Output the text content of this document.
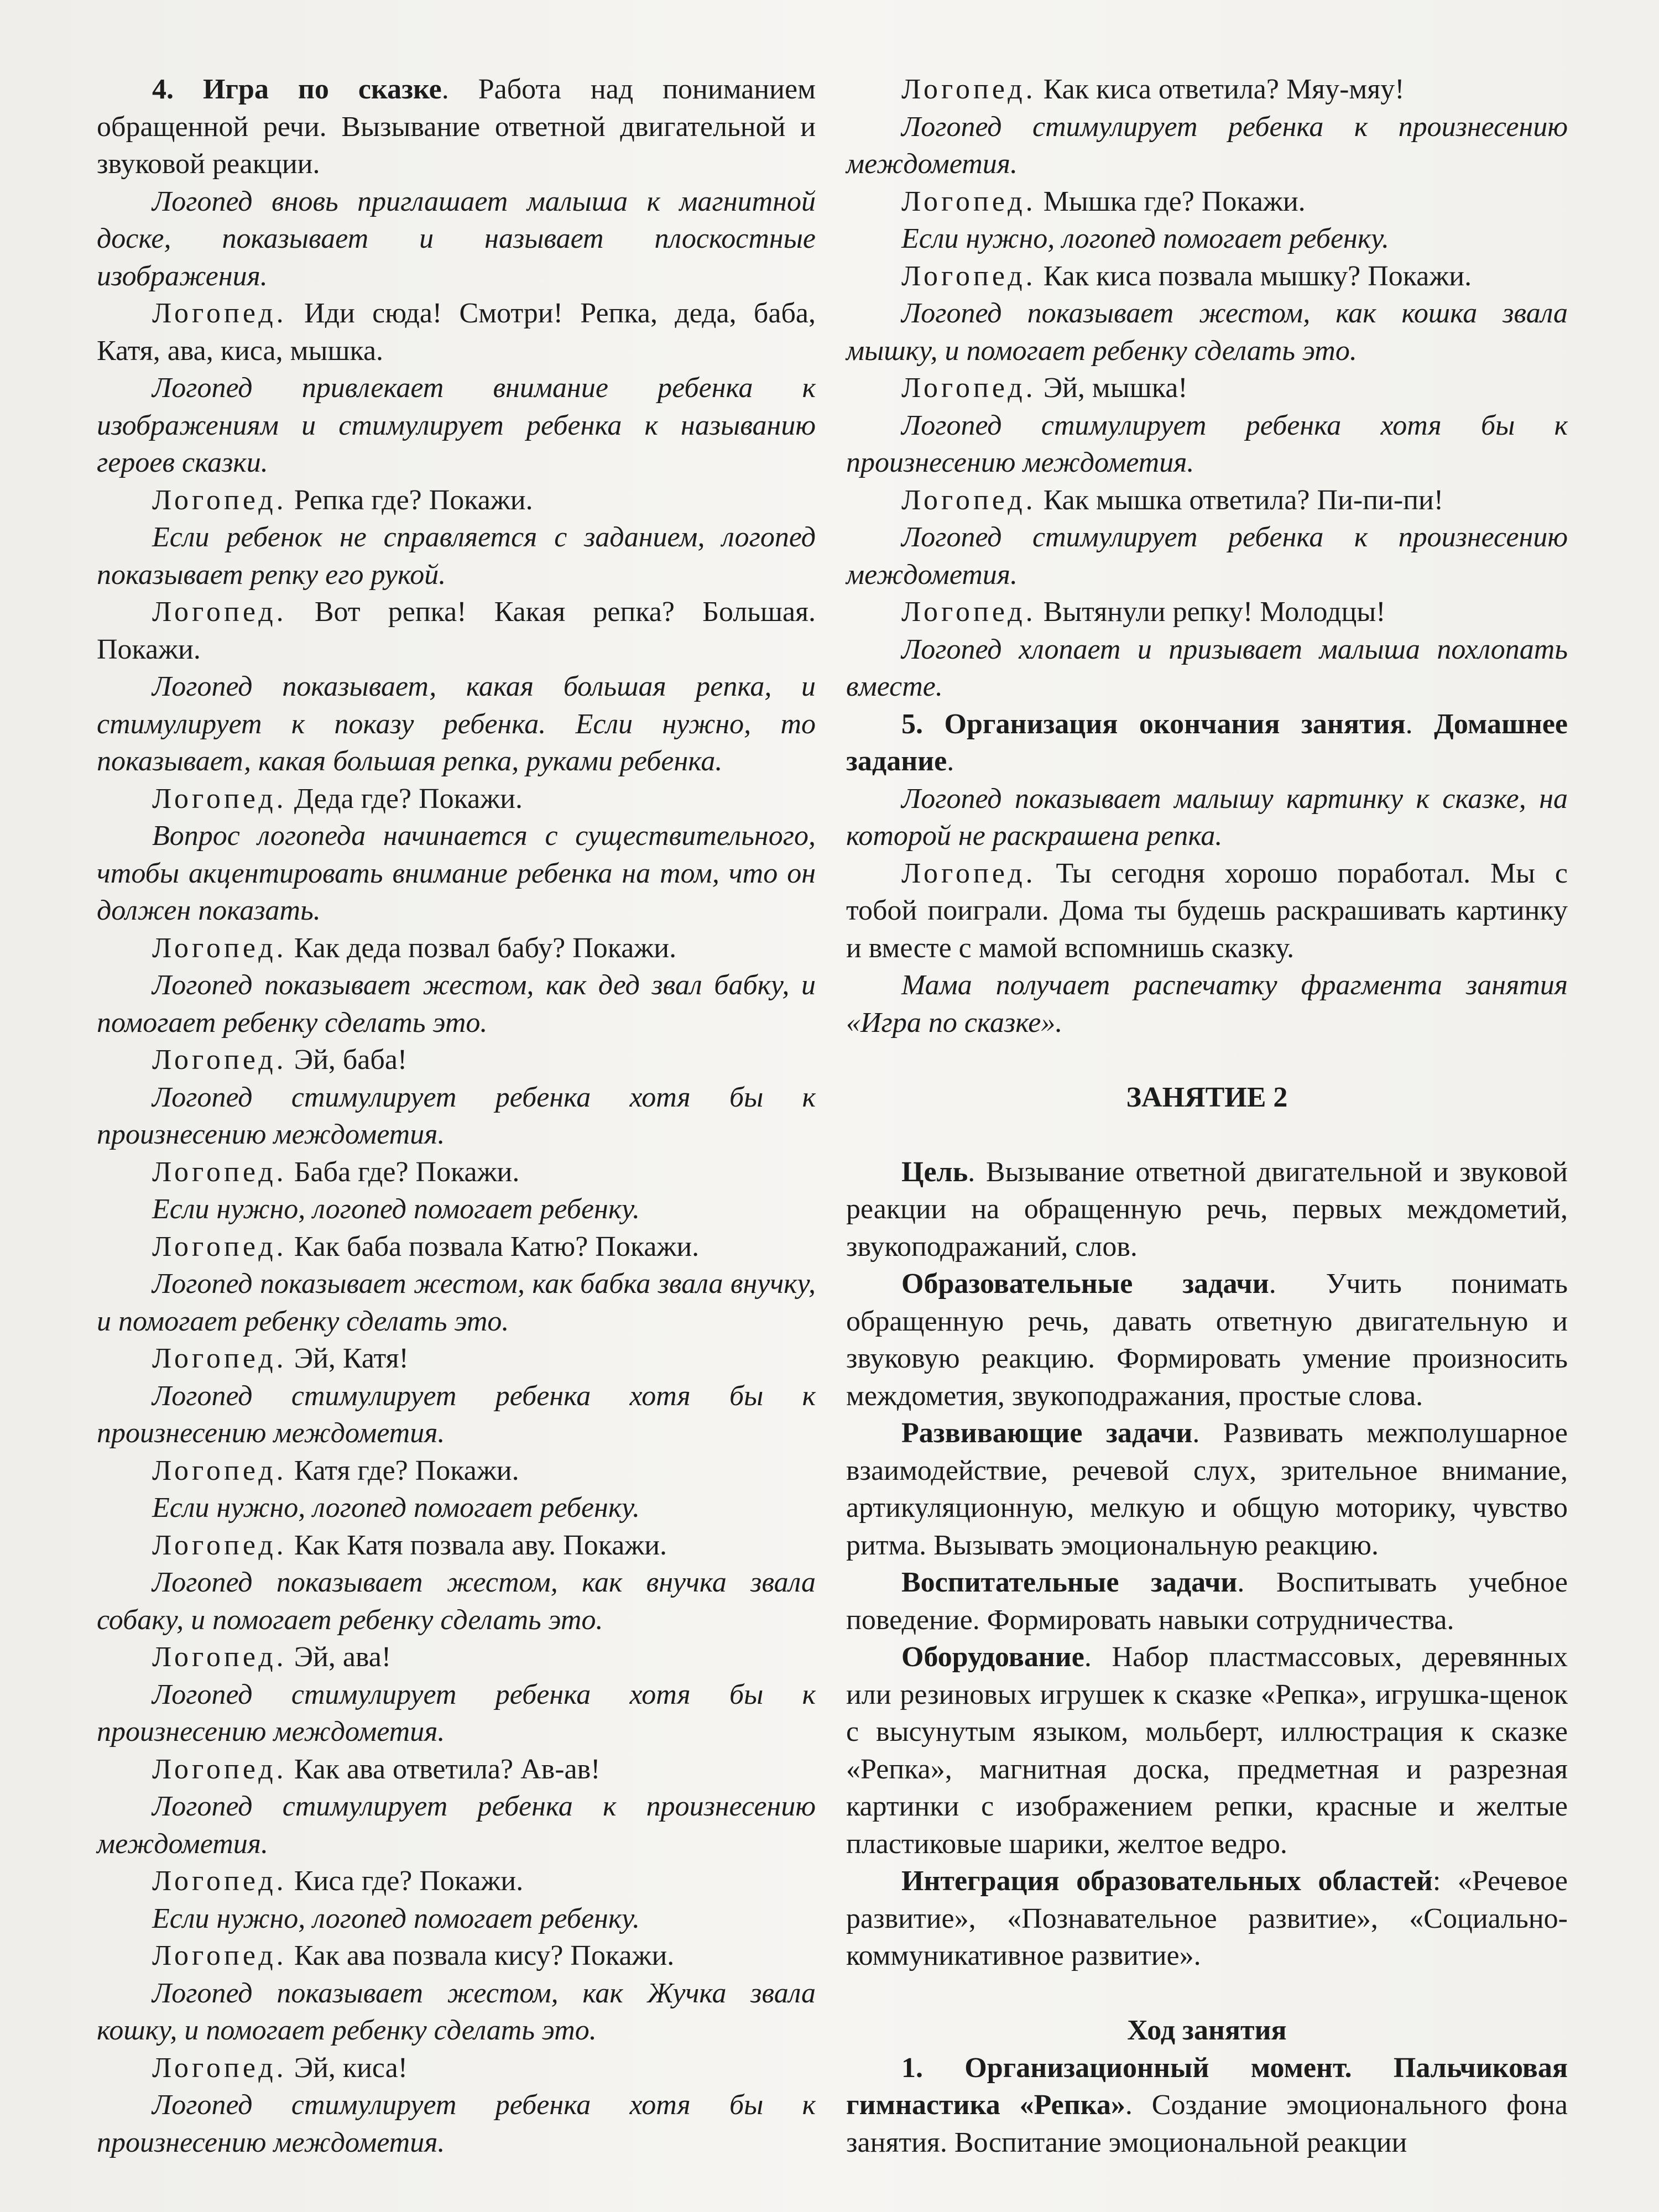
4. Игра по сказке. Работа над пониманием обращенной речи. Вызывание ответной двигательной и звуковой реакции.

Логопед вновь приглашает малыша к магнитной доске, показывает и называет плоскостные изображения.

Логопед. Иди сюда! Смотри! Репка, деда, баба, Катя, ава, киса, мышка.

Логопед привлекает внимание ребенка к изображениям и стимулирует ребенка к называнию героев сказки.

Логопед. Репка где? Покажи.

Если ребенок не справляется с заданием, логопед показывает репку его рукой.

Логопед. Вот репка! Какая репка? Большая. Покажи.

Логопед показывает, какая большая репка, и стимулирует к показу ребенка. Если нужно, то показывает, какая большая репка, руками ребенка.

Логопед. Деда где? Покажи.

Вопрос логопеда начинается с существительного, чтобы акцентировать внимание ребенка на том, что он должен показать.

Логопед. Как деда позвал бабу? Покажи.

Логопед показывает жестом, как дед звал бабку, и помогает ребенку сделать это.

Логопед. Эй, баба!

Логопед стимулирует ребенка хотя бы к произнесению междометия.

Логопед. Баба где? Покажи.

Если нужно, логопед помогает ребенку.

Логопед. Как баба позвала Катю? Покажи.

Логопед показывает жестом, как бабка звала внучку, и помогает ребенку сделать это.

Логопед. Эй, Катя!

Логопед стимулирует ребенка хотя бы к произнесению междометия.

Логопед. Катя где? Покажи.

Если нужно, логопед помогает ребенку.

Логопед. Как Катя позвала аву. Покажи.

Логопед показывает жестом, как внучка звала собаку, и помогает ребенку сделать это.

Логопед. Эй, ава!

Логопед стимулирует ребенка хотя бы к произнесению междометия.

Логопед. Как ава ответила? Ав-ав!

Логопед стимулирует ребенка к произнесению междометия.

Логопед. Киса где? Покажи.

Если нужно, логопед помогает ребенку.

Логопед. Как ава позвала кису? Покажи.

Логопед показывает жестом, как Жучка звала кошку, и помогает ребенку сделать это.

Логопед. Эй, киса!

Логопед стимулирует ребенка хотя бы к произнесению междометия.

Логопед. Как киса ответила? Мяу-мяу!

Логопед стимулирует ребенка к произнесению междометия.

Логопед. Мышка где? Покажи.

Если нужно, логопед помогает ребенку.

Логопед. Как киса позвала мышку? Покажи.

Логопед показывает жестом, как кошка звала мышку, и помогает ребенку сделать это.

Логопед. Эй, мышка!

Логопед стимулирует ребенка хотя бы к произнесению междометия.

Логопед. Как мышка ответила? Пи-пи-пи!

Логопед стимулирует ребенка к произнесению междометия.

Логопед. Вытянули репку! Молодцы!

Логопед хлопает и призывает малыша похлопать вместе.

5. Организация окончания занятия. Домашнее задание.

Логопед показывает малышу картинку к сказке, на которой не раскрашена репка.

Логопед. Ты сегодня хорошо поработал. Мы с тобой поиграли. Дома ты будешь раскрашивать картинку и вместе с мамой вспомнишь сказку.

Мама получает распечатку фрагмента занятия «Игра по сказке».

ЗАНЯТИЕ 2

Цель. Вызывание ответной двигательной и звуковой реакции на обращенную речь, первых междометий, звукоподражаний, слов.

Образовательные задачи. Учить понимать обращенную речь, давать ответную двигательную и звуковую реакцию. Формировать умение произносить междометия, звукоподражания, простые слова.

Развивающие задачи. Развивать межполушарное взаимодействие, речевой слух, зрительное внимание, артикуляционную, мелкую и общую моторику, чувство ритма. Вызывать эмоциональную реакцию.

Воспитательные задачи. Воспитывать учебное поведение. Формировать навыки сотрудничества.

Оборудование. Набор пластмассовых, деревянных или резиновых игрушек к сказке «Репка», игрушка-щенок с высунутым языком, мольберт, иллюстрация к сказке «Репка», магнитная доска, предметная и разрезная картинки с изображением репки, красные и желтые пластиковые шарики, желтое ведро.

Интеграция образовательных областей: «Речевое развитие», «Познавательное развитие», «Социально-коммуникативное развитие».

Ход занятия

1. Организационный момент. Пальчиковая гимнастика «Репка». Создание эмоционального фона занятия. Воспитание эмоциональной реакции
